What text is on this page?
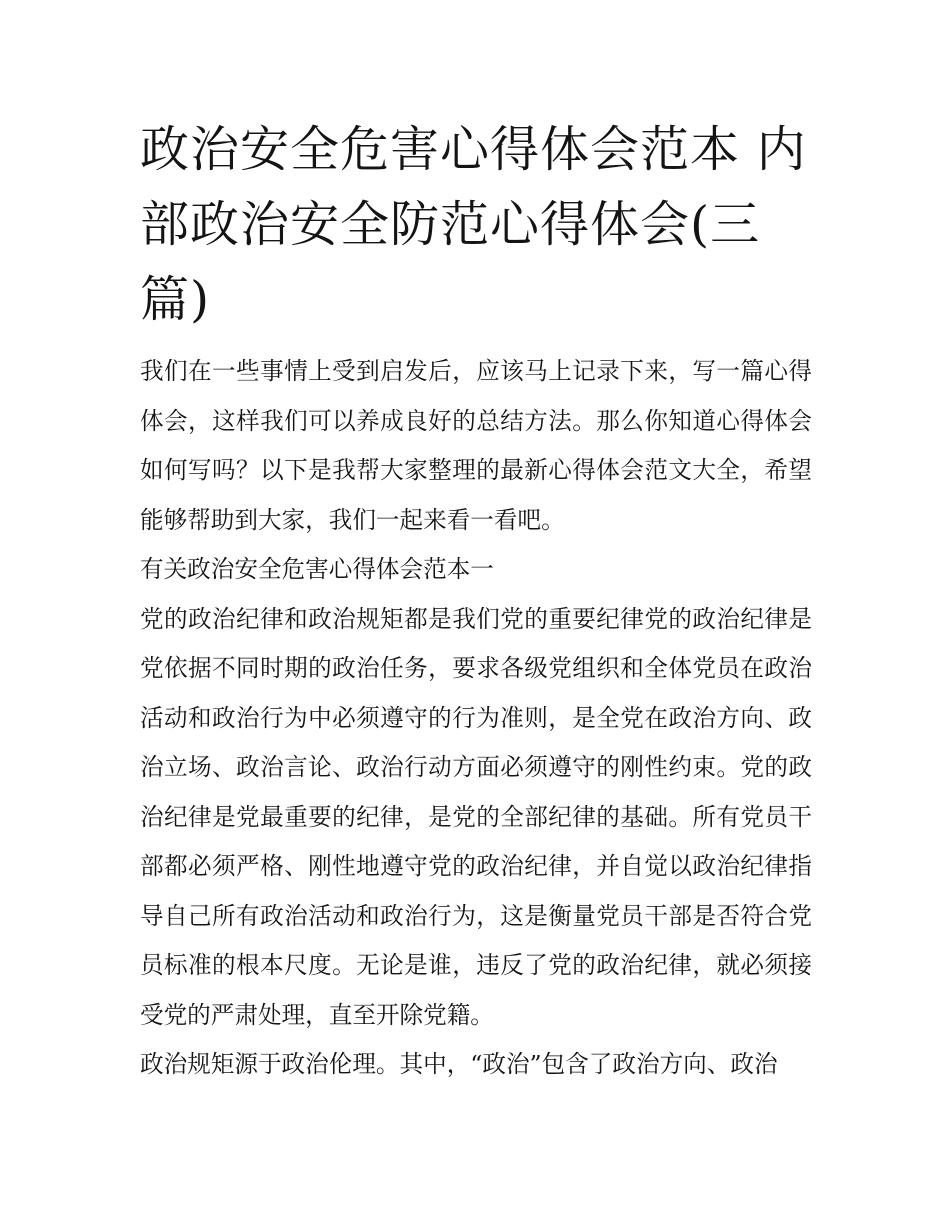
政治安全危害心得体会范本 内部政治安全防范心得体会(三篇)

我们在一些事情上受到启发后，应该马上记录下来，写一篇心得体会，这样我们可以养成良好的总结方法。那么你知道心得体会如何写吗？以下是我帮大家整理的最新心得体会范文大全，希望能够帮助到大家，我们一起来看一看吧。

有关政治安全危害心得体会范本一

党的政治纪律和政治规矩都是我们党的重要纪律党的政治纪律是党依据不同时期的政治任务，要求各级党组织和全体党员在政治活动和政治行为中必须遵守的行为准则，是全党在政治方向、政治立场、政治言论、政治行动方面必须遵守的刚性约束。党的政治纪律是党最重要的纪律，是党的全部纪律的基础。所有党员干部都必须严格、刚性地遵守党的政治纪律，并自觉以政治纪律指导自己所有政治活动和政治行为，这是衡量党员干部是否符合党员标准的根本尺度。无论是谁，违反了党的政治纪律，就必须接受党的严肃处理，直至开除党籍。

政治规矩源于政治伦理。其中，“政治”包含了政治方向、政治
